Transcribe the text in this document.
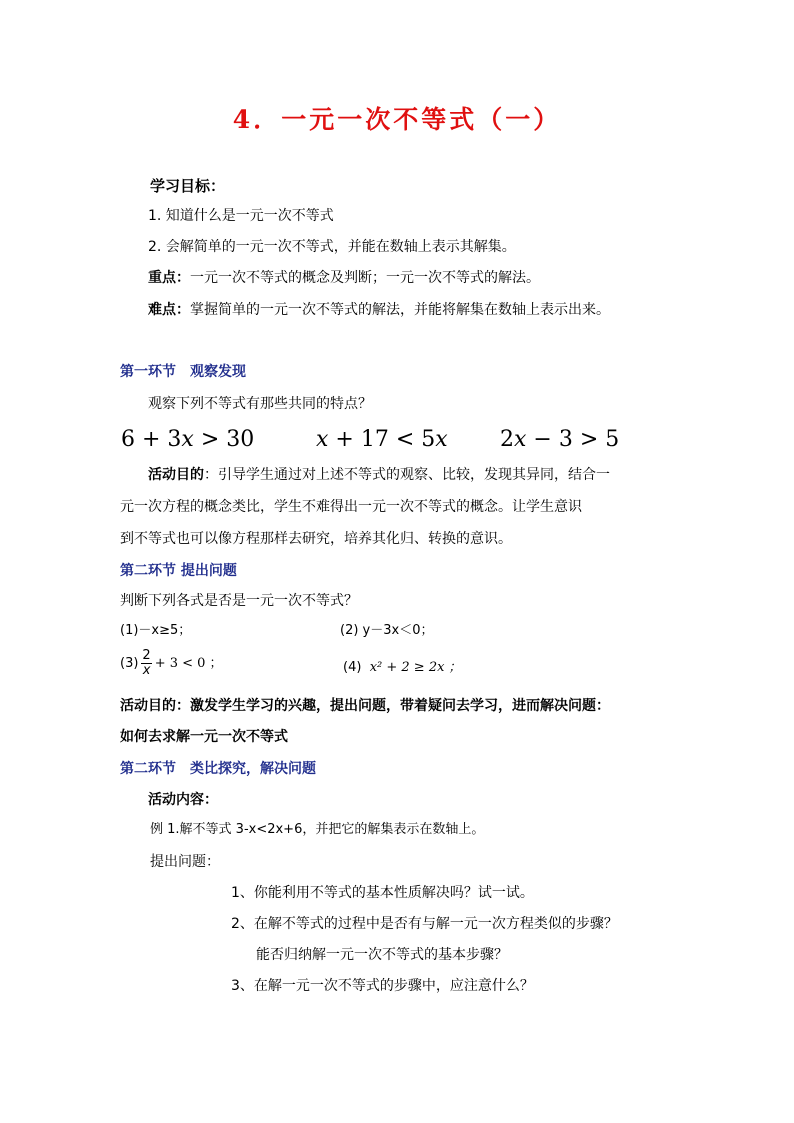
4．一元一次不等式（一）
学习目标：
1. 知道什么是一元一次不等式
2. 会解简单的一元一次不等式，并能在数轴上表示其解集。
重点：一元一次不等式的概念及判断；一元一次不等式的解法。
难点：掌握简单的一元一次不等式的解法，并能将解集在数轴上表示出来。
第一环节　观察发现
观察下列不等式有那些共同的特点？
6 + 3x > 30	x + 17 < 5x 2x − 3 > 5
活动目的：引导学生通过对上述不等式的观察、比较，发现其异同，结合一
元一次方程的概念类比，学生不难得出一元一次不等式的概念。让学生意识
到不等式也可以像方程那样去研究，培养其化归、转换的意识。
第二环节 提出问题
判断下列各式是否是一元一次不等式？
(1)－x≥5；	(2) y－3x＜0；
$(3) \frac{2}{x} + 3 < 0$ ；	(4) x² + 2 ≥ 2x ；
活动目的：激发学生学习的兴趣，提出问题，带着疑问去学习，进而解决问题：
如何去求解一元一次不等式
第二环节　类比探究，解决问题
活动内容：
例 1.解不等式 3-x<2x+6，并把它的解集表示在数轴上。
提出问题：
1、你能利用不等式的基本性质解决吗？试一试。
2、在解不等式的过程中是否有与解一元一次方程类似的步骤？
能否归纳解一元一次不等式的基本步骤？
3、在解一元一次不等式的步骤中，应注意什么？
